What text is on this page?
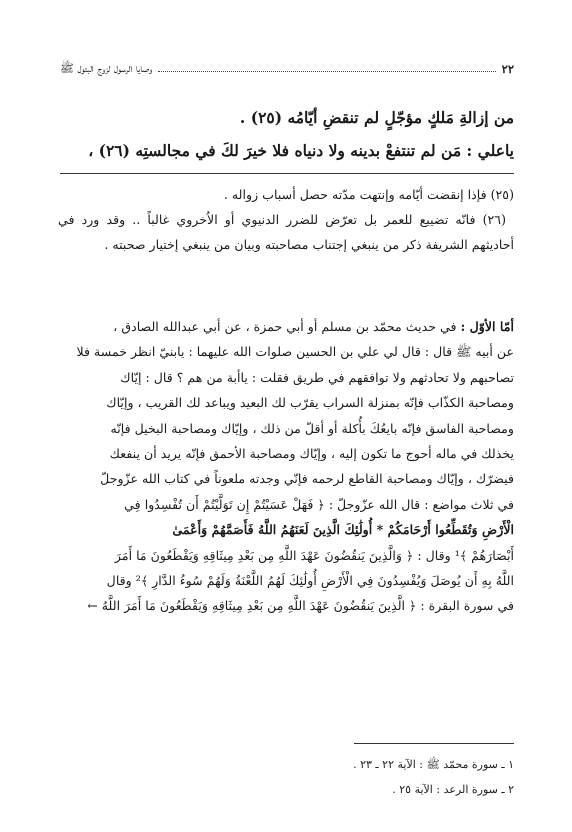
٢٢
وصايا الرسول لزوج البتول ﷺ
من إزالةِ مَلكٍ مؤجّلٍ لم تنقضِ أيّامُه (٢٥) .
ياعلي : مَن لم تنتفعْ بدينه ولا دنياه فلا خيرَ لكَ في مجالستِه (٢٦) ،

(٢٥) فإذا إنقضت أيّامه وإنتهت مدّته حصل أسباب زواله .

(٢٦) فانّه تضييع للعمر بل تعرّض للضرر الدنيوي أو الاُخروي غالباً .. وقد ورد في أحاديثهم الشريفة ذكر من ينبغي إجتناب مصاحبته وبيان من ينبغي إختيار صحبته .

أمّا الأوّل : في حديث محمّد بن مسلم أو أبي حمزة ، عن أبي عبدالله الصادق ،
عن أبيه ﷺ قال : قال لي علي بن الحسين صلوات الله عليهما : يابنيّ انظر خمسة فلا
تصاحبهم ولا تحادثهم ولا توافقهم في طريق فقلت : ياأبة من هم ؟ قال : إيّاك
ومصاحبة الكذّاب فإنّه بمنزلة السراب يقرّب لك البعيد ويباعد لك القريب ، وإيّاك
ومصاحبة الفاسق فإنّه بايعُكَ بأُكلة أو أقلّ من ذلك ، وإيّاك ومصاحبة البخيل فإنّه
يخذلك في ماله أحوج ما تكون إليه ، وإيّاك ومصاحبة الأحمق فإنّه يريد أن ينفعك
فيضرّك ، وإيّاك ومصاحبة القاطع لرحمه فإنّي وجدته ملعوناً في كتاب الله عزّوجلّ
في ثلاث مواضع : قال الله عزّوجلّ : ﴿ فَهَلْ عَسَيْتُمْ إِن تَوَلَّيْتُمْ أَن تُفْسِدُوا فِي
الْأَرْضِ وَتُقَطِّعُوا أَرْحَامَكُمْ * أُولَٰئِكَ الَّذِينَ لَعَنَهُمُ اللَّهُ فَأَصَمَّهُمْ وَأَعْمَىٰ
أَبْصَارَهُمْ ﴾¹ وقال : ﴿ وَالَّذِينَ يَنقُضُونَ عَهْدَ اللَّهِ مِن بَعْدِ مِيثَاقِهِ وَيَقْطَعُونَ مَا أَمَرَ
اللَّهُ بِهِ أَن يُوصَلَ وَيُفْسِدُونَ فِي الْأَرْضِ أُولَٰئِكَ لَهُمُ اللَّعْنَةُ وَلَهُمْ سُوءُ الدَّارِ ﴾² وقال
في سورة البقرة : ﴿ الَّذِينَ يَنقُضُونَ عَهْدَ اللَّهِ مِن بَعْدِ مِيثَاقِهِ وَيَقْطَعُونَ مَا أَمَرَ اللَّهُ ←
١ ـ سورة محمّد ﷺ : الآية ٢٢ ـ ٢٣ .
٢ ـ سورة الرعد : الآية ٢٥ .
